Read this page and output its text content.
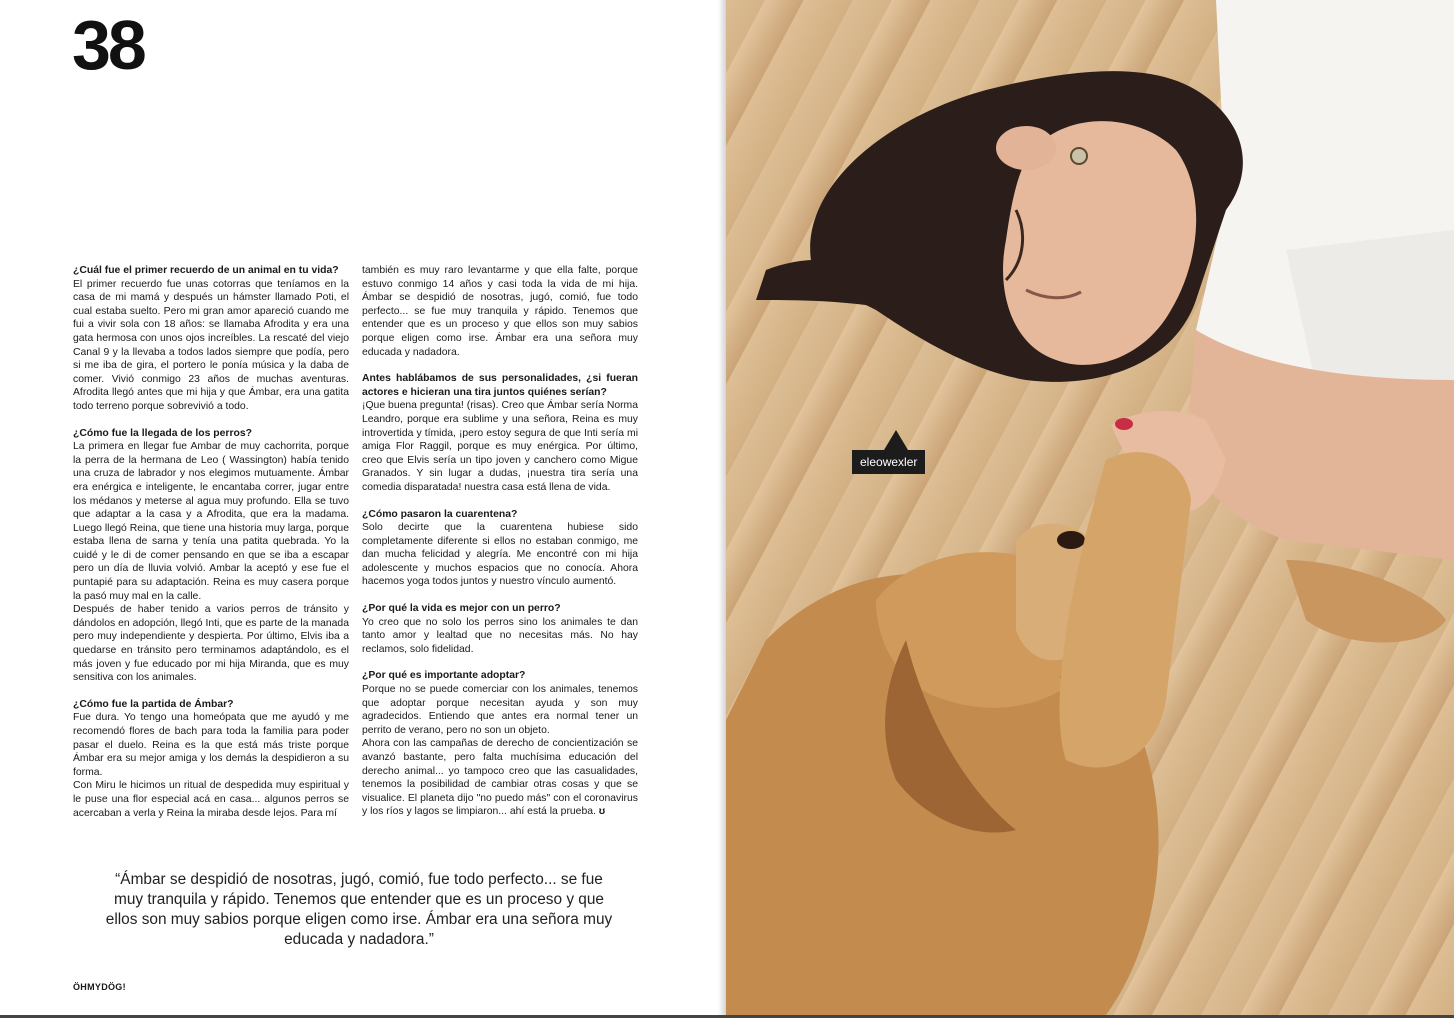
38

¿Cuál fue el primer recuerdo de un animal en tu vida?

El primer recuerdo fue unas cotorras que teníamos en la casa de mi mamá y después un hámster llamado Poti, el cual estaba suelto. Pero mi gran amor apareció cuando me fui a vivir sola con 18 años: se llamaba Afrodita y era una gata hermosa con unos ojos increíbles. La rescaté del viejo Canal 9 y la llevaba a todos lados siempre que podía, pero si me iba de gira, el portero le ponía música y la daba de comer. Vivió conmigo 23 años de muchas aventuras. Afrodita llegó antes que mi hija y que Ámbar, era una gatita todo terreno porque sobrevivió a todo.

¿Cómo fue la llegada de los perros?

La primera en llegar fue Ambar de muy cachorrita, porque la perra de la hermana de Leo ( Wassington) había tenido una cruza de labrador y nos elegimos mutuamente. Ámbar era enérgica e inteligente, le encantaba correr, jugar entre los médanos y meterse al agua muy profundo. Ella se tuvo que adaptar a la casa y a Afrodita, que era la madama. Luego llegó Reina, que tiene una historia muy larga, porque estaba llena de sarna y tenía una patita quebrada. Yo la cuidé y le di de comer pensando en que se iba a escapar pero un día de lluvia volvió. Ambar la aceptó y ese fue el puntapié para su adaptación. Reina es muy casera porque la pasó muy mal en la calle.

Después de haber tenido a varios perros de tránsito y dándolos en adopción, llegó Inti, que es parte de la manada pero muy independiente y despierta. Por último, Elvis iba a quedarse en tránsito pero terminamos adaptándolo, es el más joven y fue educado por mi hija Miranda, que es muy sensitiva con los animales.

¿Cómo fue la partida de Ámbar?

Fue dura. Yo tengo una homeópata que me ayudó y me recomendó flores de bach para toda la familia para poder pasar el duelo. Reina es la que está más triste porque Ámbar era su mejor amiga y los demás la despidieron a su forma.

Con Miru le hicimos un ritual de despedida muy espiritual y le puse una flor especial acá en casa... algunos perros se acercaban a verla y Reina la miraba desde lejos. Para mí

también es muy raro levantarme y que ella falte, porque estuvo conmigo 14 años y casi toda la vida de mi hija. Ámbar se despidió de nosotras, jugó, comió, fue todo perfecto... se fue muy tranquila y rápido. Tenemos que entender que es un proceso y que ellos son muy sabios porque eligen como irse. Ámbar era una señora muy educada y nadadora.

Antes hablábamos de sus personalidades, ¿si fueran actores e hicieran una tira juntos quiénes serían?

¡Que buena pregunta! (risas). Creo que Ámbar sería Norma Leandro, porque era sublime y una señora, Reina es muy introvertida y tímida, ¡pero estoy segura de que Inti sería mi amiga Flor Raggil, porque es muy enérgica. Por último, creo que Elvis sería un tipo joven y canchero como Migue Granados. Y sin lugar a dudas, ¡nuestra tira sería una comedia disparatada! nuestra casa está llena de vida.

¿Cómo pasaron la cuarentena?

Solo decirte que la cuarentena hubiese sido completamente diferente si ellos no estaban conmigo, me dan mucha felicidad y alegría. Me encontré con mi hija adolescente y muchos espacios que no conocía. Ahora hacemos yoga todos juntos y nuestro vínculo aumentó.

¿Por qué la vida es mejor con un perro?

Yo creo que no solo los perros sino los animales te dan tanto amor y lealtad que no necesitas más. No hay reclamos, solo fidelidad.

¿Por qué es importante adoptar?

Porque no se puede comerciar con los animales, tenemos que adoptar porque necesitan ayuda y son muy agradecidos. Entiendo que antes era normal tener un perrito de verano, pero no son un objeto.

Ahora con las campañas de derecho de concientización se avanzó bastante, pero falta muchísima educación del derecho animal... yo tampoco creo que las casualidades, tenemos la posibilidad de cambiar otras cosas y que se visualice. El planeta dijo "no puedo más" con el coronavirus y los ríos y lagos se limpiaron... ahí está la prueba. ʊ

“Ámbar se despidió de nosotras, jugó, comió, fue todo perfecto... se fue muy tranquila y rápido. Tenemos que entender que es un proceso y que ellos son muy sabios porque eligen como irse. Ámbar era una señora muy educada y nadadora.”
ÖHMYDÖG!
eleowexler
